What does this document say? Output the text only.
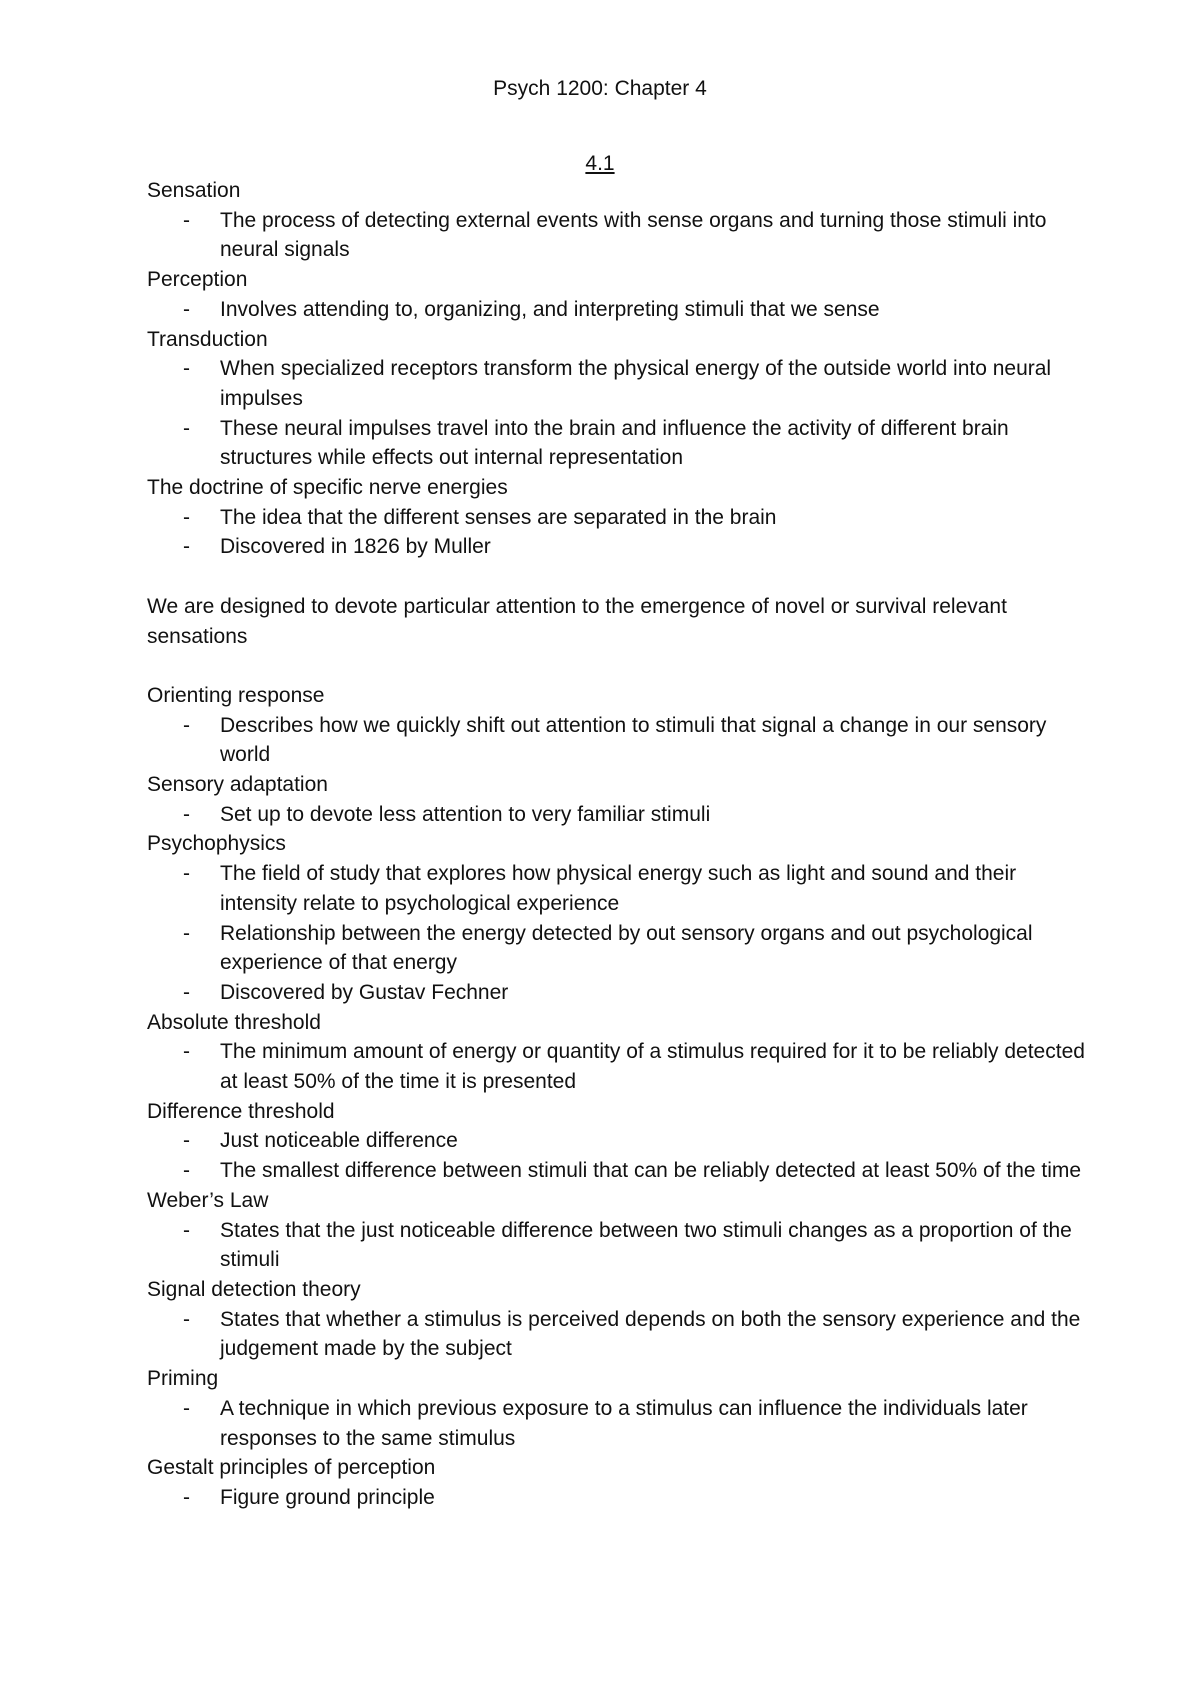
Psych 1200: Chapter 4
4.1
Sensation
- The process of detecting external events with sense organs and turning those stimuli into neural signals
Perception
- Involves attending to, organizing, and interpreting stimuli that we sense
Transduction
- When specialized receptors transform the physical energy of the outside world into neural impulses
- These neural impulses travel into the brain and influence the activity of different brain structures while effects out internal representation
The doctrine of specific nerve energies
- The idea that the different senses are separated in the brain
- Discovered in 1826 by Muller
We are designed to devote particular attention to the emergence of novel or survival relevant sensations
Orienting response
- Describes how we quickly shift out attention to stimuli that signal a change in our sensory world
Sensory adaptation
- Set up to devote less attention to very familiar stimuli
Psychophysics
- The field of study that explores how physical energy such as light and sound and their intensity relate to psychological experience
- Relationship between the energy detected by out sensory organs and out psychological experience of that energy
- Discovered by Gustav Fechner
Absolute threshold
- The minimum amount of energy or quantity of a stimulus required for it to be reliably detected at least 50% of the time it is presented
Difference threshold
- Just noticeable difference
- The smallest difference between stimuli that can be reliably detected at least 50% of the time
Weber’s Law
- States that the just noticeable difference between two stimuli changes as a proportion of the stimuli
Signal detection theory
- States that whether a stimulus is perceived depends on both the sensory experience and the judgement made by the subject
Priming
- A technique in which previous exposure to a stimulus can influence the individuals later responses to the same stimulus
Gestalt principles of perception
- Figure ground principle
